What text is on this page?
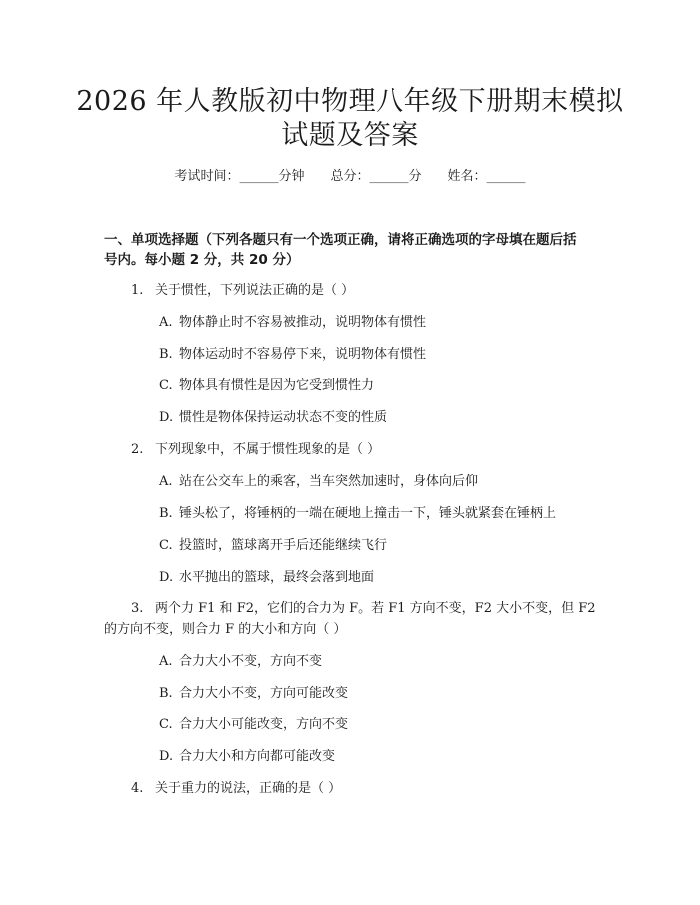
2026 年人教版初中物理八年级下册期末模拟
试题及答案
考试时间：______分钟 总分：______分 姓名：______
一、单项选择题（下列各题只有一个选项正确，请将正确选项的字母填在题后括
号内。每小题 2 分，共 20 分）
1. 关于惯性，下列说法正确的是（ ）
A. 物体静止时不容易被推动，说明物体有惯性
B. 物体运动时不容易停下来，说明物体有惯性
C. 物体具有惯性是因为它受到惯性力
D. 惯性是物体保持运动状态不变的性质
2. 下列现象中，不属于惯性现象的是（ ）
A. 站在公交车上的乘客，当车突然加速时，身体向后仰
B. 锤头松了，将锤柄的一端在硬地上撞击一下，锤头就紧套在锤柄上
C. 投篮时，篮球离开手后还能继续飞行
D. 水平抛出的篮球，最终会落到地面
3. 两个力 F1 和 F2，它们的合力为 F。若 F1 方向不变，F2 大小不变，但 F2
的方向不变，则合力 F 的大小和方向（ ）
A. 合力大小不变，方向不变
B. 合力大小不变，方向可能改变
C. 合力大小可能改变，方向不变
D. 合力大小和方向都可能改变
4. 关于重力的说法，正确的是（ ）
